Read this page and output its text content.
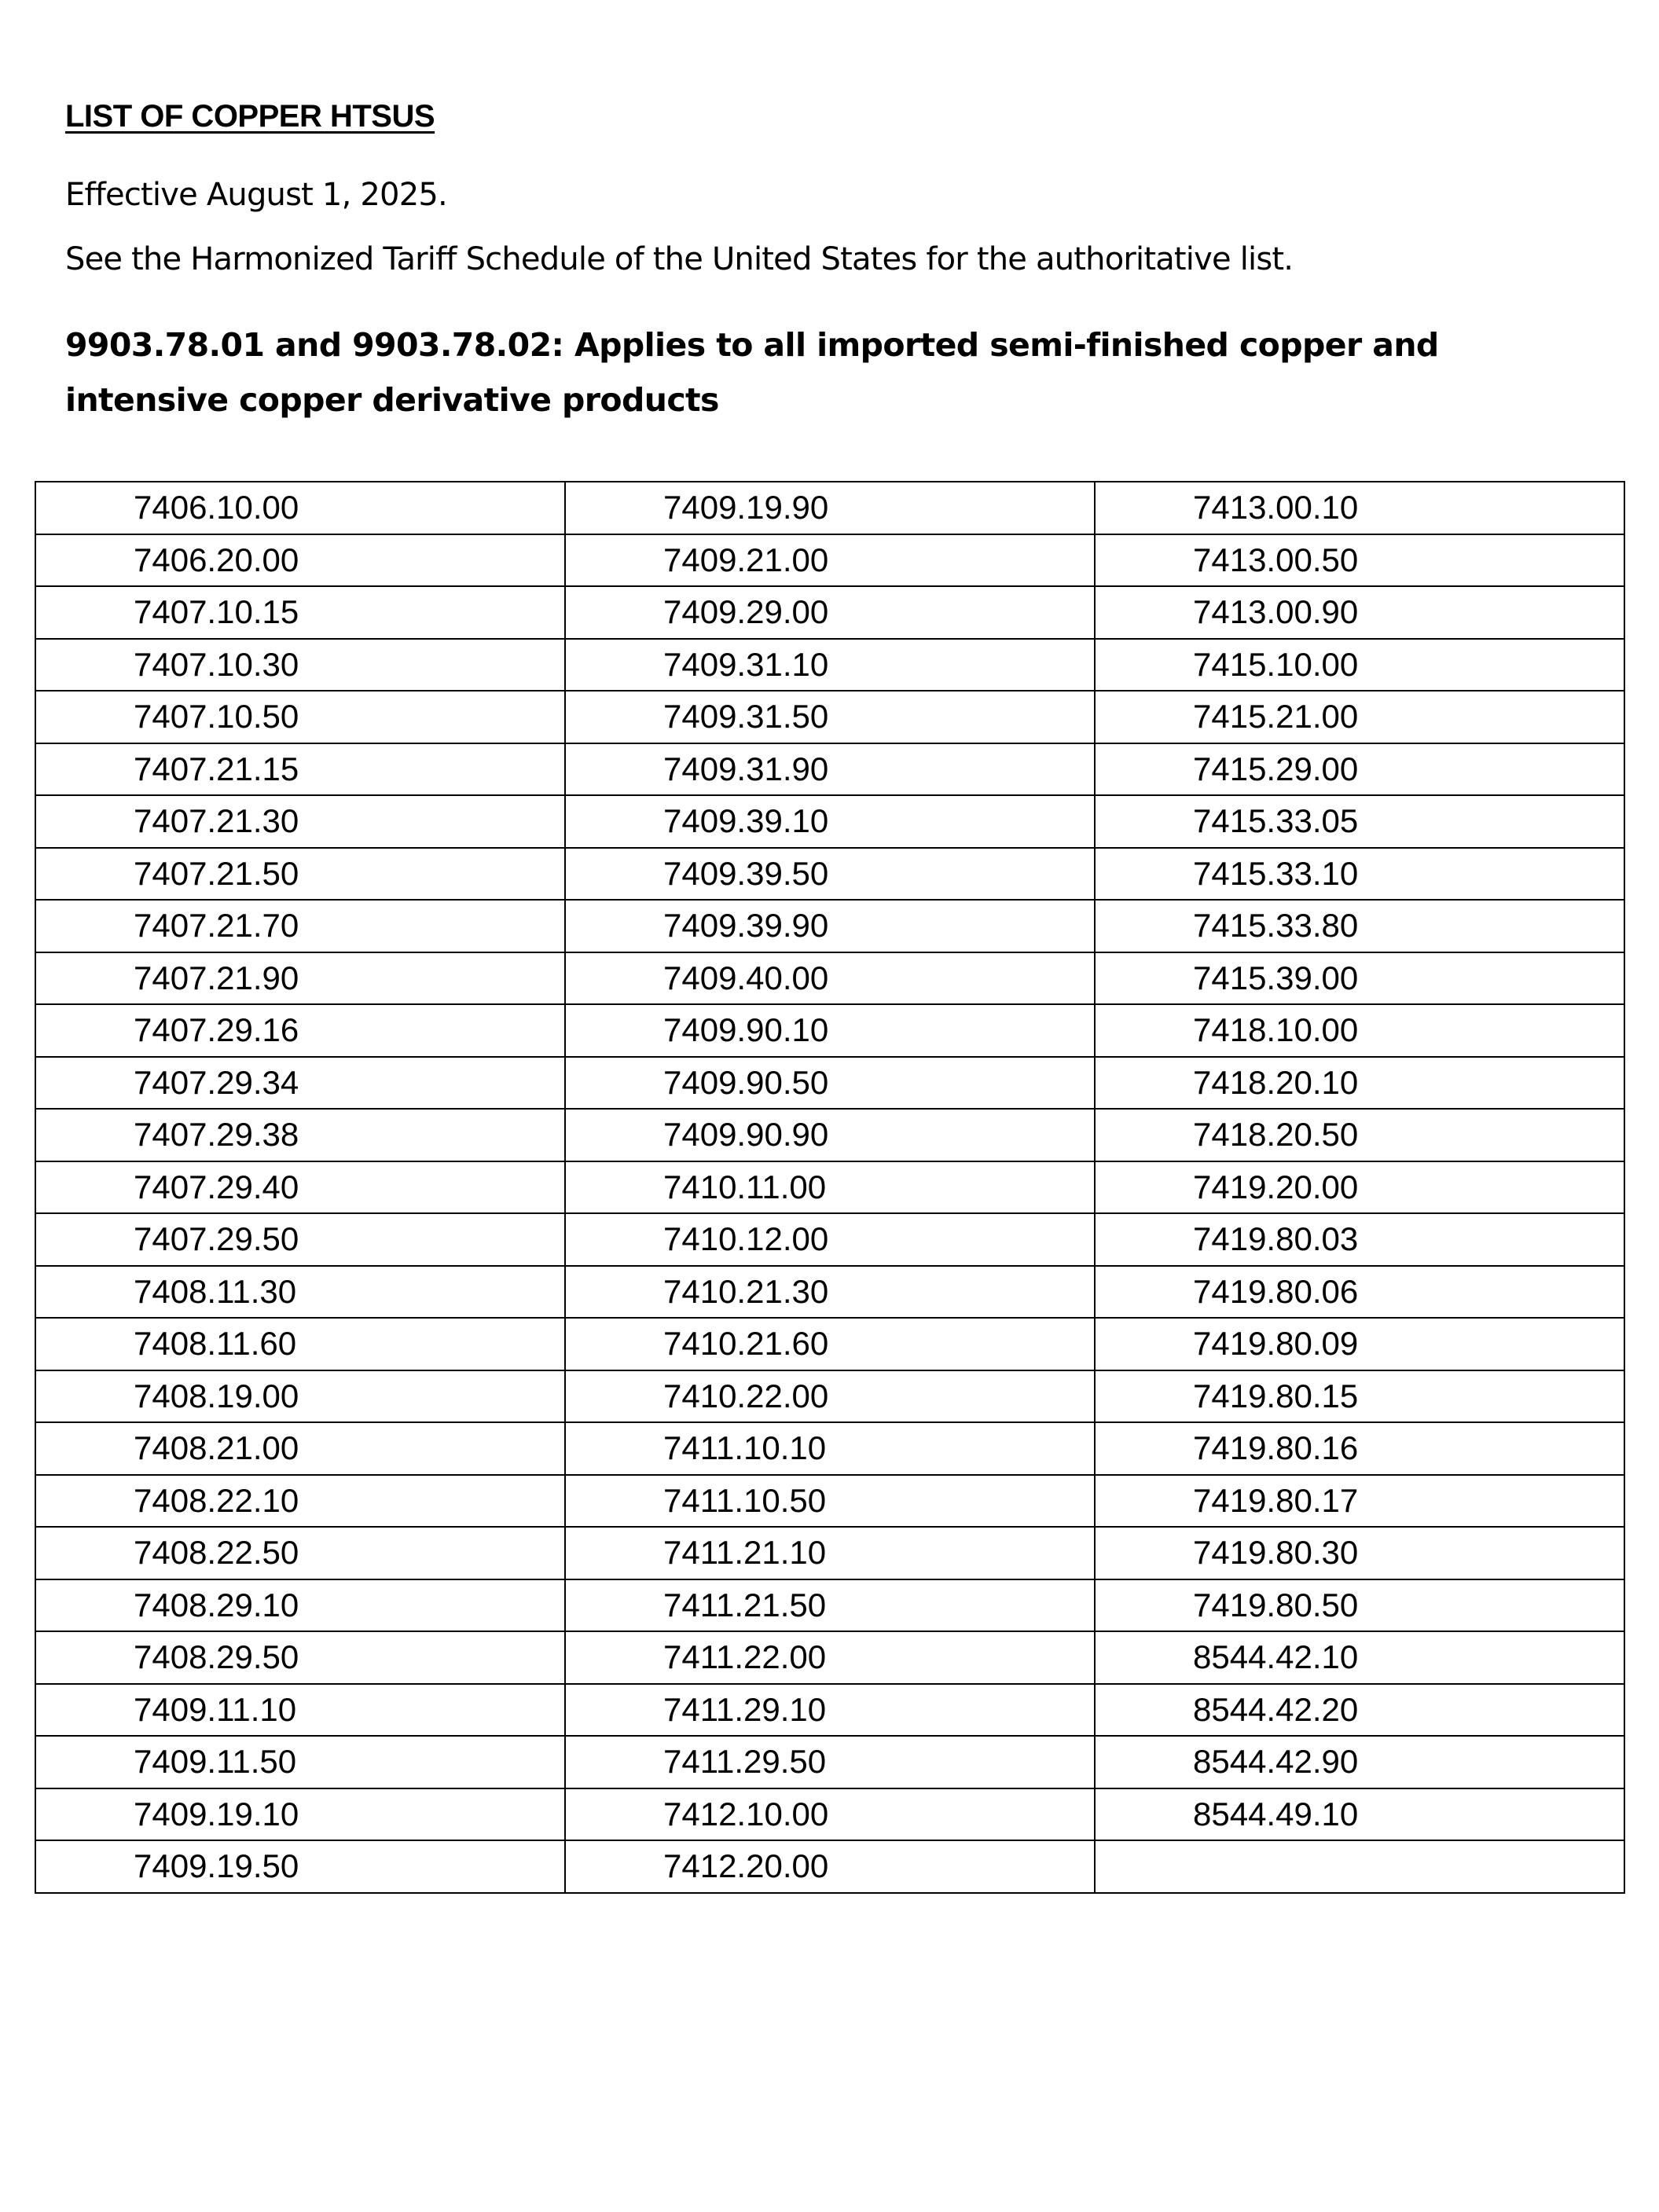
LIST OF COPPER HTSUS

Effective August 1, 2025.

See the Harmonized Tariff Schedule of the United States for the authoritative list.

9903.78.01 and 9903.78.02: Applies to all imported semi-finished copper and intensive copper derivative products
7406.10.00	7409.19.90	7413.00.10
7406.20.00	7409.21.00	7413.00.50
7407.10.15	7409.29.00	7413.00.90
7407.10.30	7409.31.10	7415.10.00
7407.10.50	7409.31.50	7415.21.00
7407.21.15	7409.31.90	7415.29.00
7407.21.30	7409.39.10	7415.33.05
7407.21.50	7409.39.50	7415.33.10
7407.21.70	7409.39.90	7415.33.80
7407.21.90	7409.40.00	7415.39.00
7407.29.16	7409.90.10	7418.10.00
7407.29.34	7409.90.50	7418.20.10
7407.29.38	7409.90.90	7418.20.50
7407.29.40	7410.11.00	7419.20.00
7407.29.50	7410.12.00	7419.80.03
7408.11.30	7410.21.30	7419.80.06
7408.11.60	7410.21.60	7419.80.09
7408.19.00	7410.22.00	7419.80.15
7408.21.00	7411.10.10	7419.80.16
7408.22.10	7411.10.50	7419.80.17
7408.22.50	7411.21.10	7419.80.30
7408.29.10	7411.21.50	7419.80.50
7408.29.50	7411.22.00	8544.42.10
7409.11.10	7411.29.10	8544.42.20
7409.11.50	7411.29.50	8544.42.90
7409.19.10	7412.10.00	8544.49.10
7409.19.50	7412.20.00	
